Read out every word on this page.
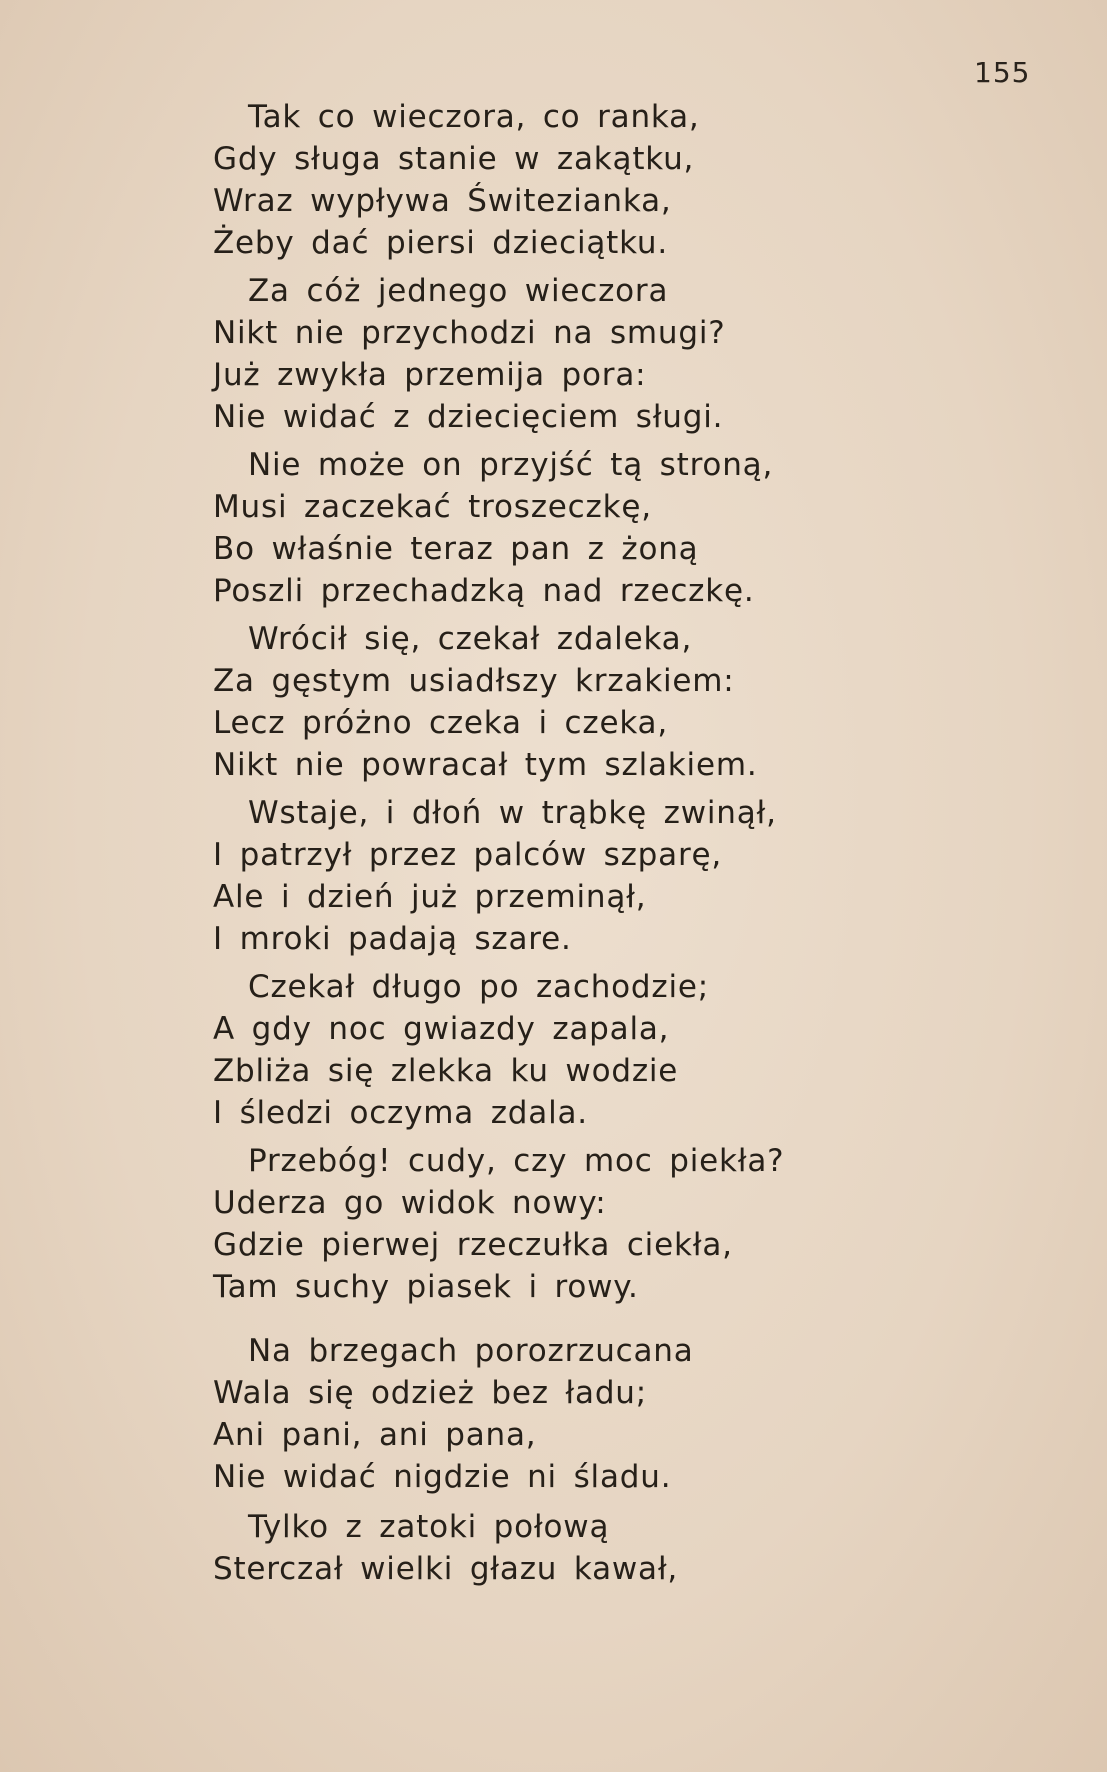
155
Tak co wieczora, co ranka,
Gdy sługa stanie w zakątku,
Wraz wypływa Świtezianka,
Żeby dać piersi dzieciątku.
Za cóż jednego wieczora
Nikt nie przychodzi na smugi?
Już zwykła przemija pora:
Nie widać z dziecięciem sługi.
Nie może on przyjść tą stroną,
Musi zaczekać troszeczkę,
Bo właśnie teraz pan z żoną
Poszli przechadzką nad rzeczkę.
Wrócił się, czekał zdaleka,
Za gęstym usiadłszy krzakiem:
Lecz próżno czeka i czeka,
Nikt nie powracał tym szlakiem.
Wstaje, i dłoń w trąbkę zwinął,
I patrzył przez palców szparę,
Ale i dzień już przeminął,
I mroki padają szare.
Czekał długo po zachodzie;
A gdy noc gwiazdy zapala,
Zbliża się zlekka ku wodzie
I śledzi oczyma zdala.
Przebóg! cudy, czy moc piekła?
Uderza go widok nowy:
Gdzie pierwej rzeczułka ciekła,
Tam suchy piasek i rowy.
Na brzegach porozrzucana
Wala się odzież bez ładu;
Ani pani, ani pana,
Nie widać nigdzie ni śladu.
Tylko z zatoki połową
Sterczał wielki głazu kawał,
